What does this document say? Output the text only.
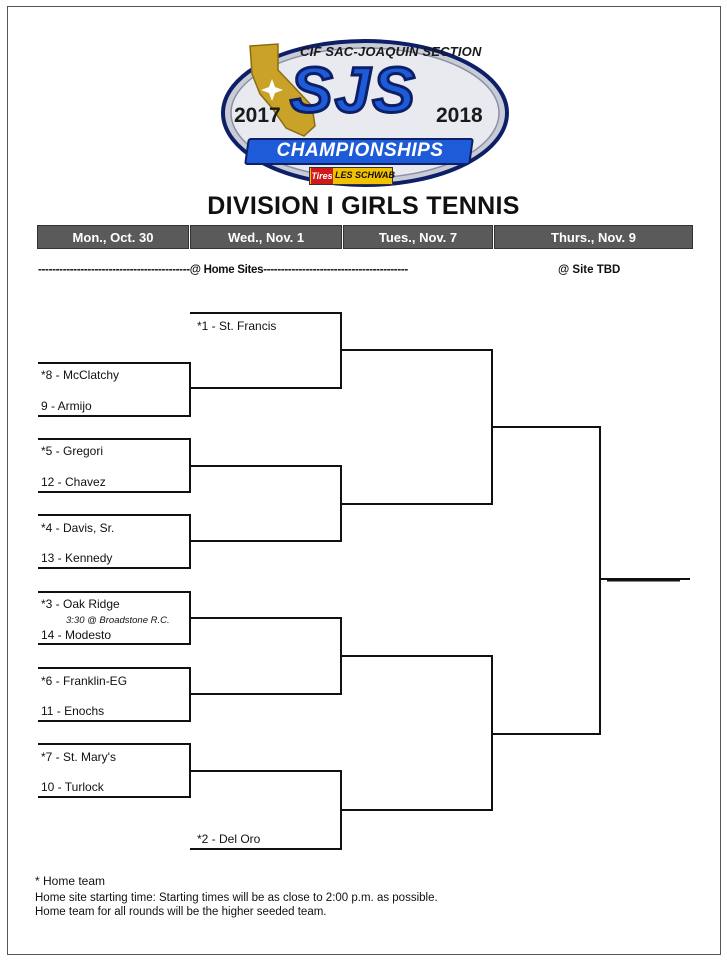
CIF SAC-JOAQUIN SECTION
SJS
2017	2018
CHAMPIONSHIPS
Tires LES SCHWAB
DIVISION I GIRLS TENNIS
Mon., Oct. 30	Wed., Nov. 1	Tues., Nov. 7	Thurs., Nov. 9
-------------------------------------------@ Home Sites-----------------------------------------	@ Site TBD
*1 - St. Francis
*8 - McClatchy
9 - Armijo
*5 - Gregori
12 - Chavez
*4 - Davis, Sr.
13 - Kennedy
*3 - Oak Ridge
3:30 @ Broadstone R.C.
14 - Modesto
*6 - Franklin-EG
11 - Enochs
*7 - St. Mary's
10 - Turlock
*2 - Del Oro
* Home team
Home site starting time: Starting times will be as close to 2:00 p.m. as possible.
Home team for all rounds will be the higher seeded team.
